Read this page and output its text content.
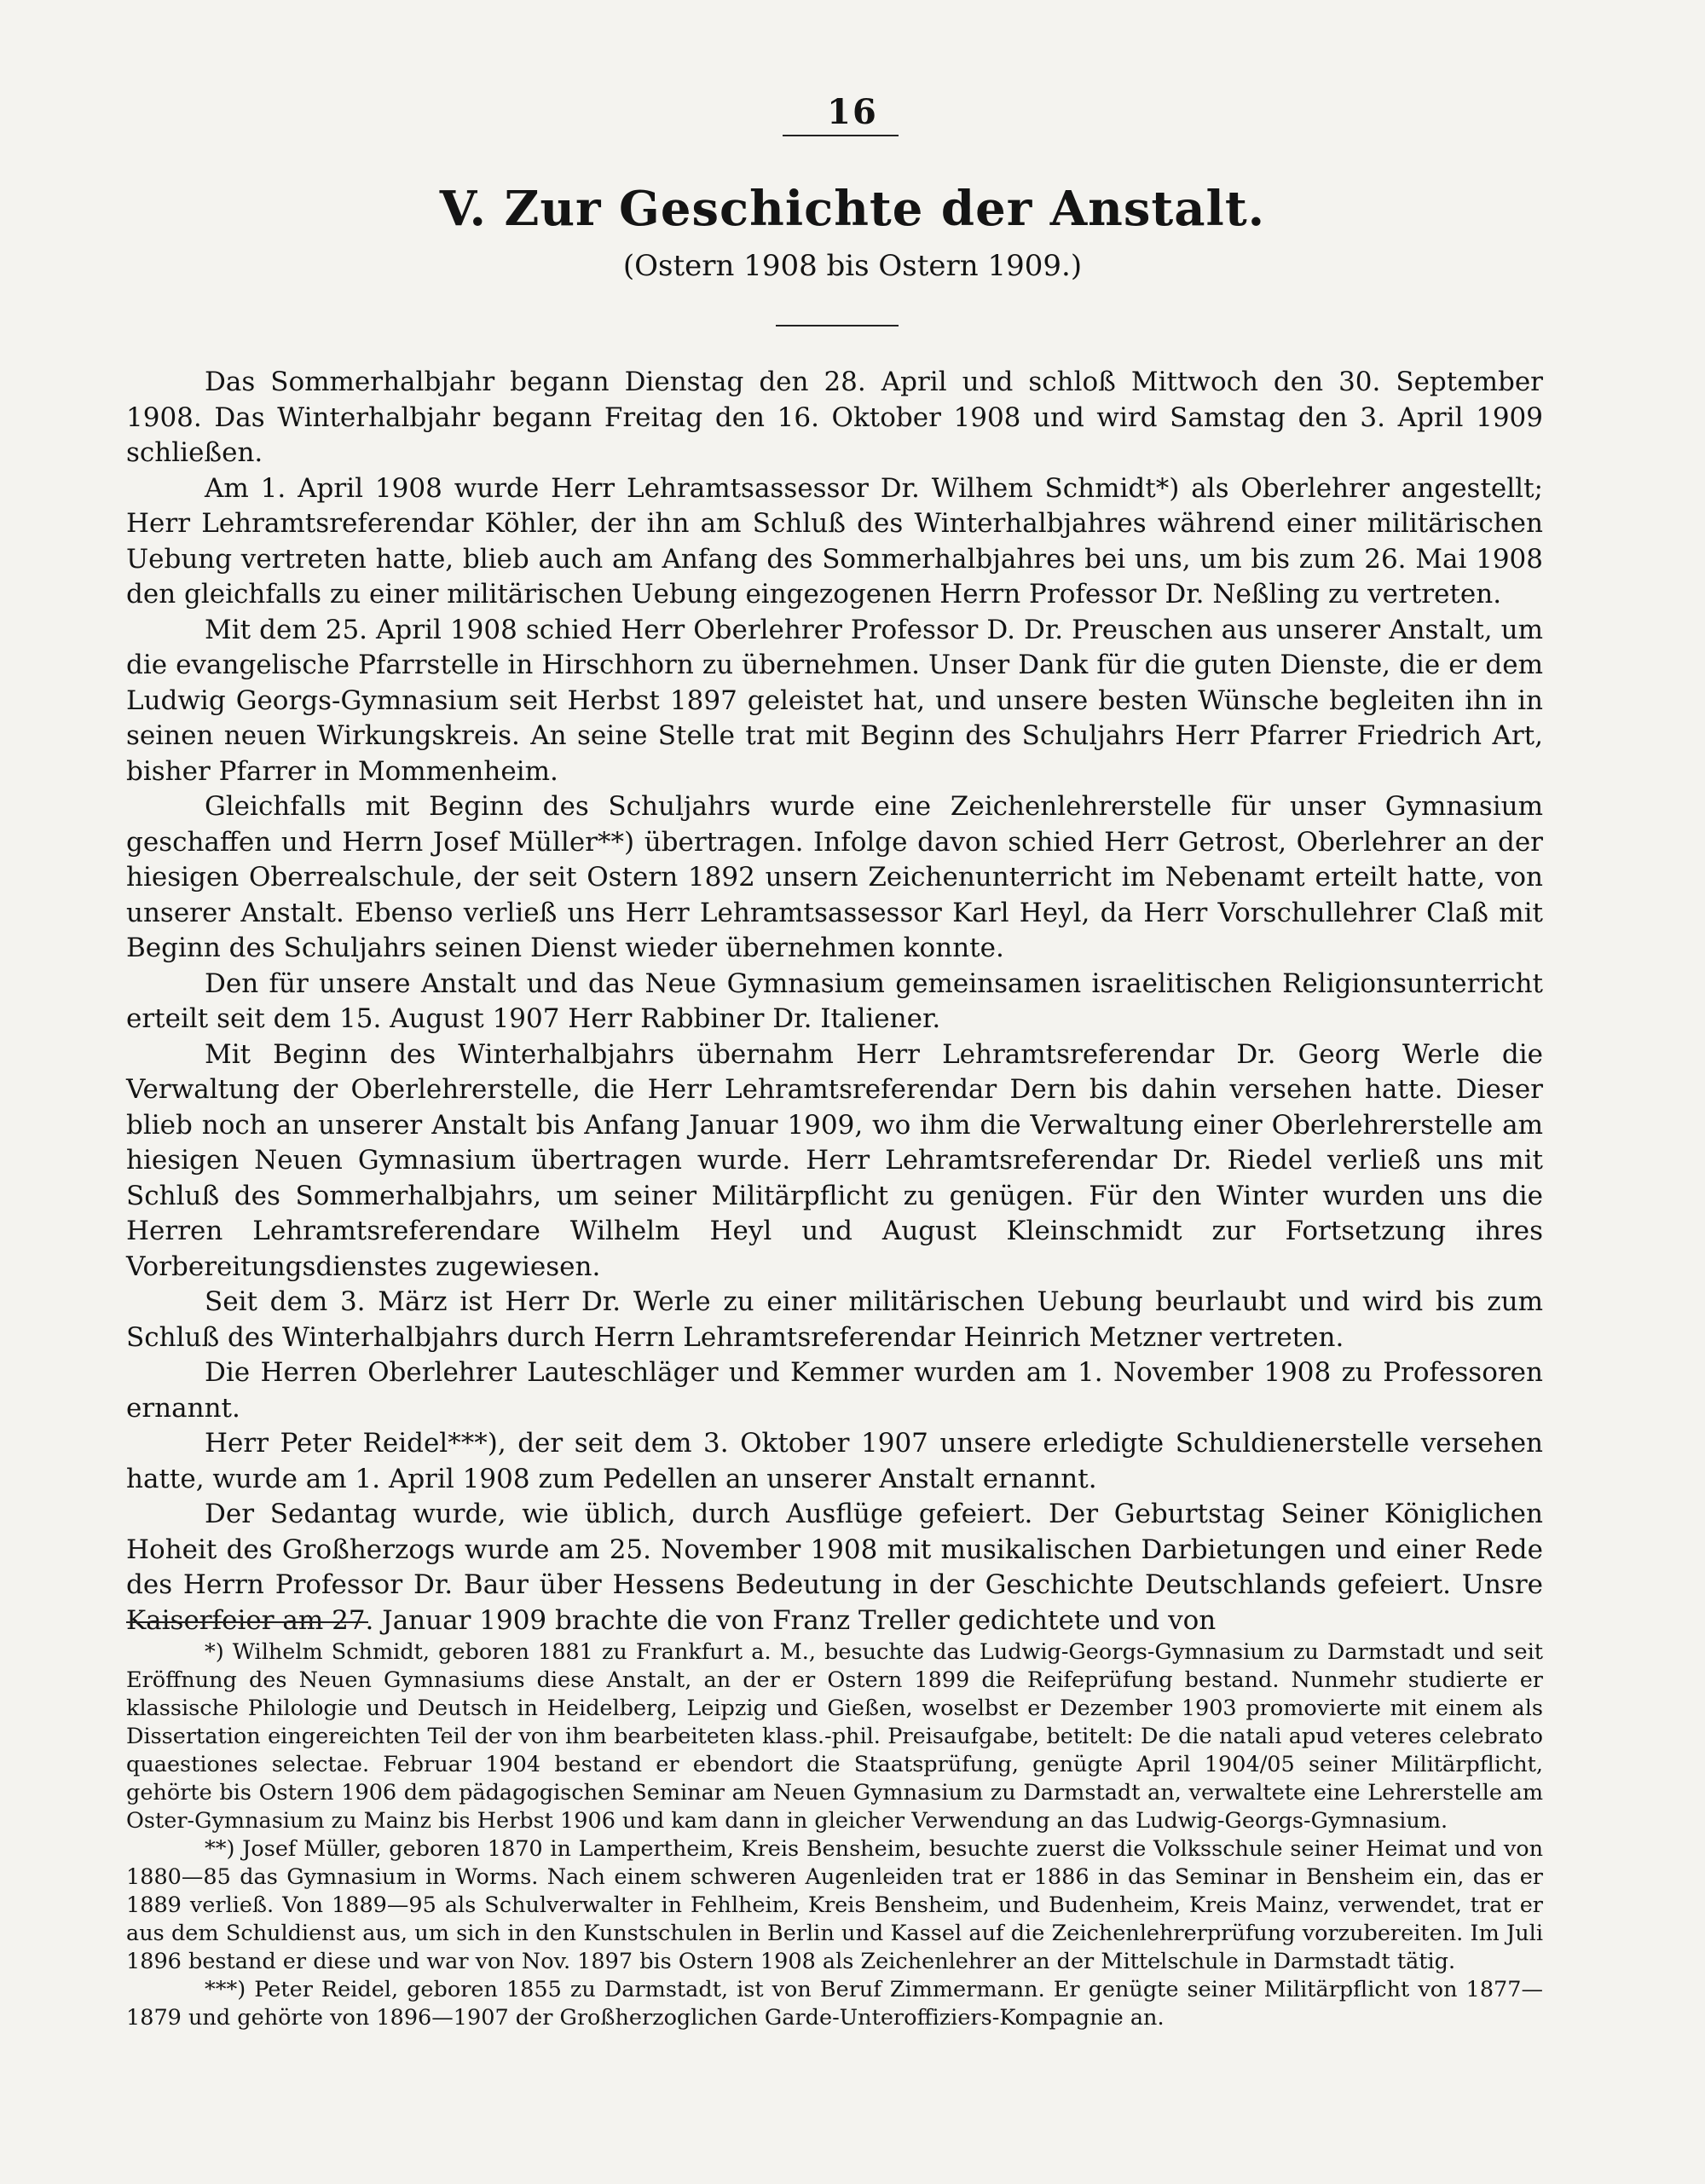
16
V. Zur Geschichte der Anstalt.
(Ostern 1908 bis Ostern 1909.)

Das Sommerhalbjahr begann Dienstag den 28. April und schloß Mittwoch den 30. September 1908. Das Winterhalbjahr begann Freitag den 16. Oktober 1908 und wird Samstag den 3. April 1909 schließen.

Am 1. April 1908 wurde Herr Lehramtsassessor Dr. Wilhem Schmidt*) als Oberlehrer angestellt; Herr Lehramtsreferendar Köhler, der ihn am Schluß des Winterhalbjahres während einer militärischen Uebung vertreten hatte, blieb auch am Anfang des Sommerhalbjahres bei uns, um bis zum 26. Mai 1908 den gleichfalls zu einer militärischen Uebung eingezogenen Herrn Professor Dr. Neßling zu vertreten.

Mit dem 25. April 1908 schied Herr Oberlehrer Professor D. Dr. Preuschen aus unserer Anstalt, um die evangelische Pfarrstelle in Hirschhorn zu übernehmen. Unser Dank für die guten Dienste, die er dem Ludwig Georgs-Gymnasium seit Herbst 1897 geleistet hat, und unsere besten Wünsche begleiten ihn in seinen neuen Wirkungskreis. An seine Stelle trat mit Beginn des Schuljahrs Herr Pfarrer Friedrich Art, bisher Pfarrer in Mommenheim.

Gleichfalls mit Beginn des Schuljahrs wurde eine Zeichenlehrerstelle für unser Gymnasium geschaffen und Herrn Josef Müller**) übertragen. Infolge davon schied Herr Getrost, Oberlehrer an der hiesigen Oberrealschule, der seit Ostern 1892 unsern Zeichenunterricht im Nebenamt erteilt hatte, von unserer Anstalt. Ebenso verließ uns Herr Lehramtsassessor Karl Heyl, da Herr Vorschullehrer Claß mit Beginn des Schuljahrs seinen Dienst wieder übernehmen konnte.

Den für unsere Anstalt und das Neue Gymnasium gemeinsamen israelitischen Religionsunterricht erteilt seit dem 15. August 1907 Herr Rabbiner Dr. Italiener.

Mit Beginn des Winterhalbjahrs übernahm Herr Lehramtsreferendar Dr. Georg Werle die Verwaltung der Oberlehrerstelle, die Herr Lehramtsreferendar Dern bis dahin versehen hatte. Dieser blieb noch an unserer Anstalt bis Anfang Januar 1909, wo ihm die Verwaltung einer Oberlehrerstelle am hiesigen Neuen Gymnasium übertragen wurde. Herr Lehramtsreferendar Dr. Riedel verließ uns mit Schluß des Sommerhalbjahrs, um seiner Militärpflicht zu genügen. Für den Winter wurden uns die Herren Lehramtsreferendare Wilhelm Heyl und August Kleinschmidt zur Fortsetzung ihres Vorbereitungsdienstes zugewiesen.

Seit dem 3. März ist Herr Dr. Werle zu einer militärischen Uebung beurlaubt und wird bis zum Schluß des Winterhalbjahrs durch Herrn Lehramtsreferendar Heinrich Metzner vertreten.

Die Herren Oberlehrer Lauteschläger und Kemmer wurden am 1. November 1908 zu Professoren ernannt.

Herr Peter Reidel***), der seit dem 3. Oktober 1907 unsere erledigte Schuldienerstelle versehen hatte, wurde am 1. April 1908 zum Pedellen an unserer Anstalt ernannt.

Der Sedantag wurde, wie üblich, durch Ausflüge gefeiert. Der Geburtstag Seiner Königlichen Hoheit des Großherzogs wurde am 25. November 1908 mit musikalischen Darbietungen und einer Rede des Herrn Professor Dr. Baur über Hessens Bedeutung in der Geschichte Deutschlands gefeiert. Unsre Kaiserfeier am 27. Januar 1909 brachte die von Franz Treller gedichtete und von

*) Wilhelm Schmidt, geboren 1881 zu Frankfurt a. M., besuchte das Ludwig-Georgs-Gymnasium zu Darmstadt und seit Eröffnung des Neuen Gymnasiums diese Anstalt, an der er Ostern 1899 die Reifeprüfung bestand. Nunmehr studierte er klassische Philologie und Deutsch in Heidelberg, Leipzig und Gießen, woselbst er Dezember 1903 promovierte mit einem als Dissertation eingereichten Teil der von ihm bearbeiteten klass.-phil. Preisaufgabe, betitelt: De die natali apud veteres celebrato quaestiones selectae. Februar 1904 bestand er ebendort die Staatsprüfung, genügte April 1904/05 seiner Militärpflicht, gehörte bis Ostern 1906 dem pädagogischen Seminar am Neuen Gymnasium zu Darmstadt an, verwaltete eine Lehrerstelle am Oster-Gymnasium zu Mainz bis Herbst 1906 und kam dann in gleicher Verwendung an das Ludwig-Georgs-Gymnasium.

**) Josef Müller, geboren 1870 in Lampertheim, Kreis Bensheim, besuchte zuerst die Volksschule seiner Heimat und von 1880—85 das Gymnasium in Worms. Nach einem schweren Augenleiden trat er 1886 in das Seminar in Bensheim ein, das er 1889 verließ. Von 1889—95 als Schulverwalter in Fehlheim, Kreis Bensheim, und Budenheim, Kreis Mainz, verwendet, trat er aus dem Schuldienst aus, um sich in den Kunstschulen in Berlin und Kassel auf die Zeichenlehrerprüfung vorzubereiten. Im Juli 1896 bestand er diese und war von Nov. 1897 bis Ostern 1908 als Zeichenlehrer an der Mittelschule in Darmstadt tätig.

***) Peter Reidel, geboren 1855 zu Darmstadt, ist von Beruf Zimmermann. Er genügte seiner Militärpflicht von 1877—1879 und gehörte von 1896—1907 der Großherzoglichen Garde-Unteroffiziers-Kompagnie an.
